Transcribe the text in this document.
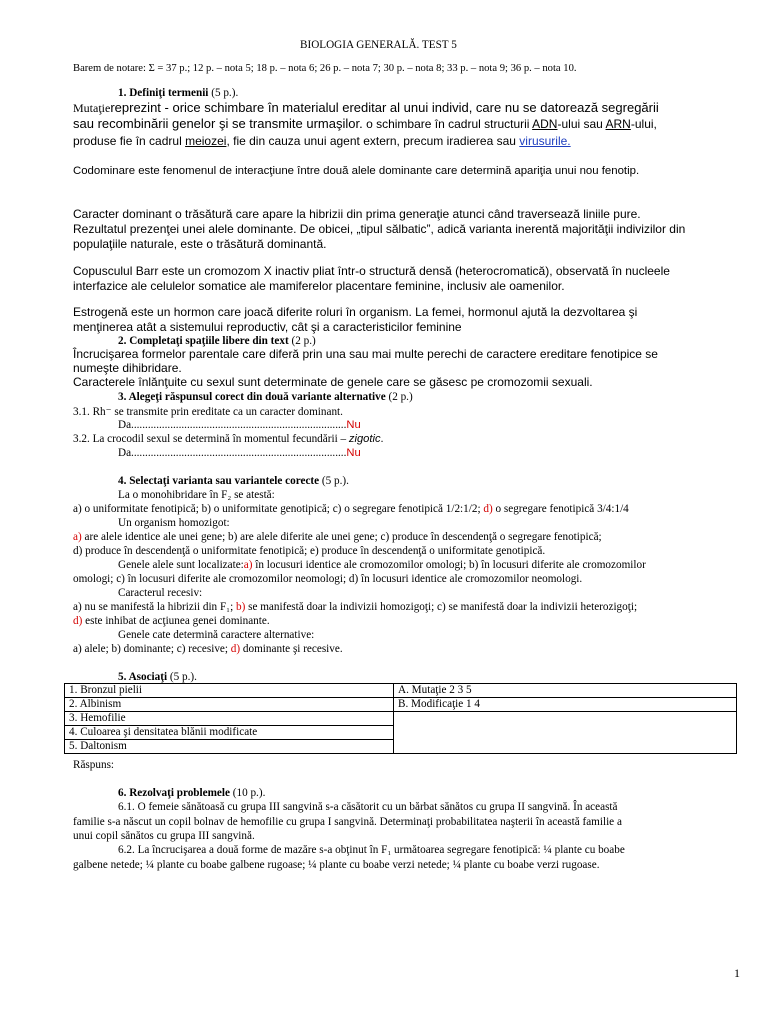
BIOLOGIA GENERALĂ. TEST 5
Barem de notare: Σ = 37 p.; 12 p. – nota 5; 18 p. – nota 6; 26 p. – nota 7; 30 p. – nota 8; 33 p. – nota 9; 36 p. – nota 10.
1. Definiţi termenii (5 p.).
Mutaţiereprezint - orice schimbare în materialul ereditar al unui individ, care nu se datorează segregării
sau recombinării genelor şi se transmite urmaşilor. o schimbare în cadrul structurii ADN-ului sau ARN-ului,
produse fie în cadrul meiozei, fie din cauza unui agent extern, precum iradierea sau virusurile.
Codominare este fenomenul de interacţiune între două alele dominante care determină apariţia unui nou fenotip.
Caracter dominant o trăsătură care apare la hibrizii din prima generaţie atunci când traversează liniile pure.
Rezultatul prezenţei unei alele dominante. De obicei, „tipul sălbatic”, adică varianta inerentă majorităţii indivizilor din
populaţiile naturale, este o trăsătură dominantă.
Copusculul Barr este un cromozom X inactiv pliat într-o structură densă (heterocromatică), observată în nucleele
interfazice ale celulelor somatice ale mamiferelor placentare feminine, inclusiv ale oamenilor.
Estrogenă este un hormon care joacă diferite roluri în organism. La femei, hormonul ajută la dezvoltarea şi
menţinerea atât a sistemului reproductiv, cât şi a caracteristicilor feminine
2. Completaţi spaţiile libere din text (2 p.)
Încrucişarea formelor parentale care diferă prin una sau mai multe perechi de caractere ereditare fenotipice se
numeşte dihibridare.
Caracterele înlănţuite cu sexul sunt determinate de genele care se găsesc pe cromozomii sexuali.
3. Alegeţi răspunsul corect din două variante alternative (2 p.)
3.1. Rh⁻ se transmite prin ereditate ca un caracter dominant.
Da.............................................................................Nu
3.2. La crocodil sexul se determină în momentul fecundării – zigotic.
Da.............................................................................Nu
4. Selectaţi varianta sau variantele corecte (5 p.).
La o monohibridare în F₂ se atestă:
a) o uniformitate fenotipică; b) o uniformitate genotipică; c) o segregare fenotipică 1/2:1/2; d) o segregare fenotipică 3/4:1/4
Un organism homozigot:
a) are alele identice ale unei gene; b) are alele diferite ale unei gene; c) produce în descendenţă o segregare fenotipică;
d) produce în descendenţă o uniformitate fenotipică; e) produce în descendenţă o uniformitate genotipică.
Genele alele sunt localizate:a) în locusuri identice ale cromozomilor omologi; b) în locusuri diferite ale cromozomilor
omologi; c) în locusuri diferite ale cromozomilor neomologi; d) în locusuri identice ale cromozomilor neomologi.
Caracterul recesiv:
a) nu se manifestă la hibrizii din F₁; b) se manifestă doar la indivizii homozigoţi; c) se manifestă doar la indivizii heterozigoţi;
d) este inhibat de acţiunea genei dominante.
Genele cate determină caractere alternative:
a) alele; b) dominante; c) recesive; d) dominante şi recesive.
5. Asociaţi (5 p.).
1. Bronzul pielii	A. Mutaţie 2 3 5
2. Albinism	B. Modificaţie 1 4
3. Hemofilie	
4. Culoarea şi densitatea blănii modificate	
5. Daltonism	
Răspuns:
6. Rezolvaţi problemele (10 p.).
6.1. O femeie sănătoasă cu grupa III sangvină s-a căsătorit cu un bărbat sănătos cu grupa II sangvină. În această
familie s-a născut un copil bolnav de hemofilie cu grupa I sangvină. Determinaţi probabilitatea naşterii în această familie a
unui copil sănătos cu grupa III sangvină.
6.2. La încrucişarea a două forme de mazăre s-a obţinut în F₁ următoarea segregare fenotipică: ¼ plante cu boabe
galbene netede; ¼ plante cu boabe galbene rugoase; ¼ plante cu boabe verzi netede; ¼ plante cu boabe verzi rugoase.
1
